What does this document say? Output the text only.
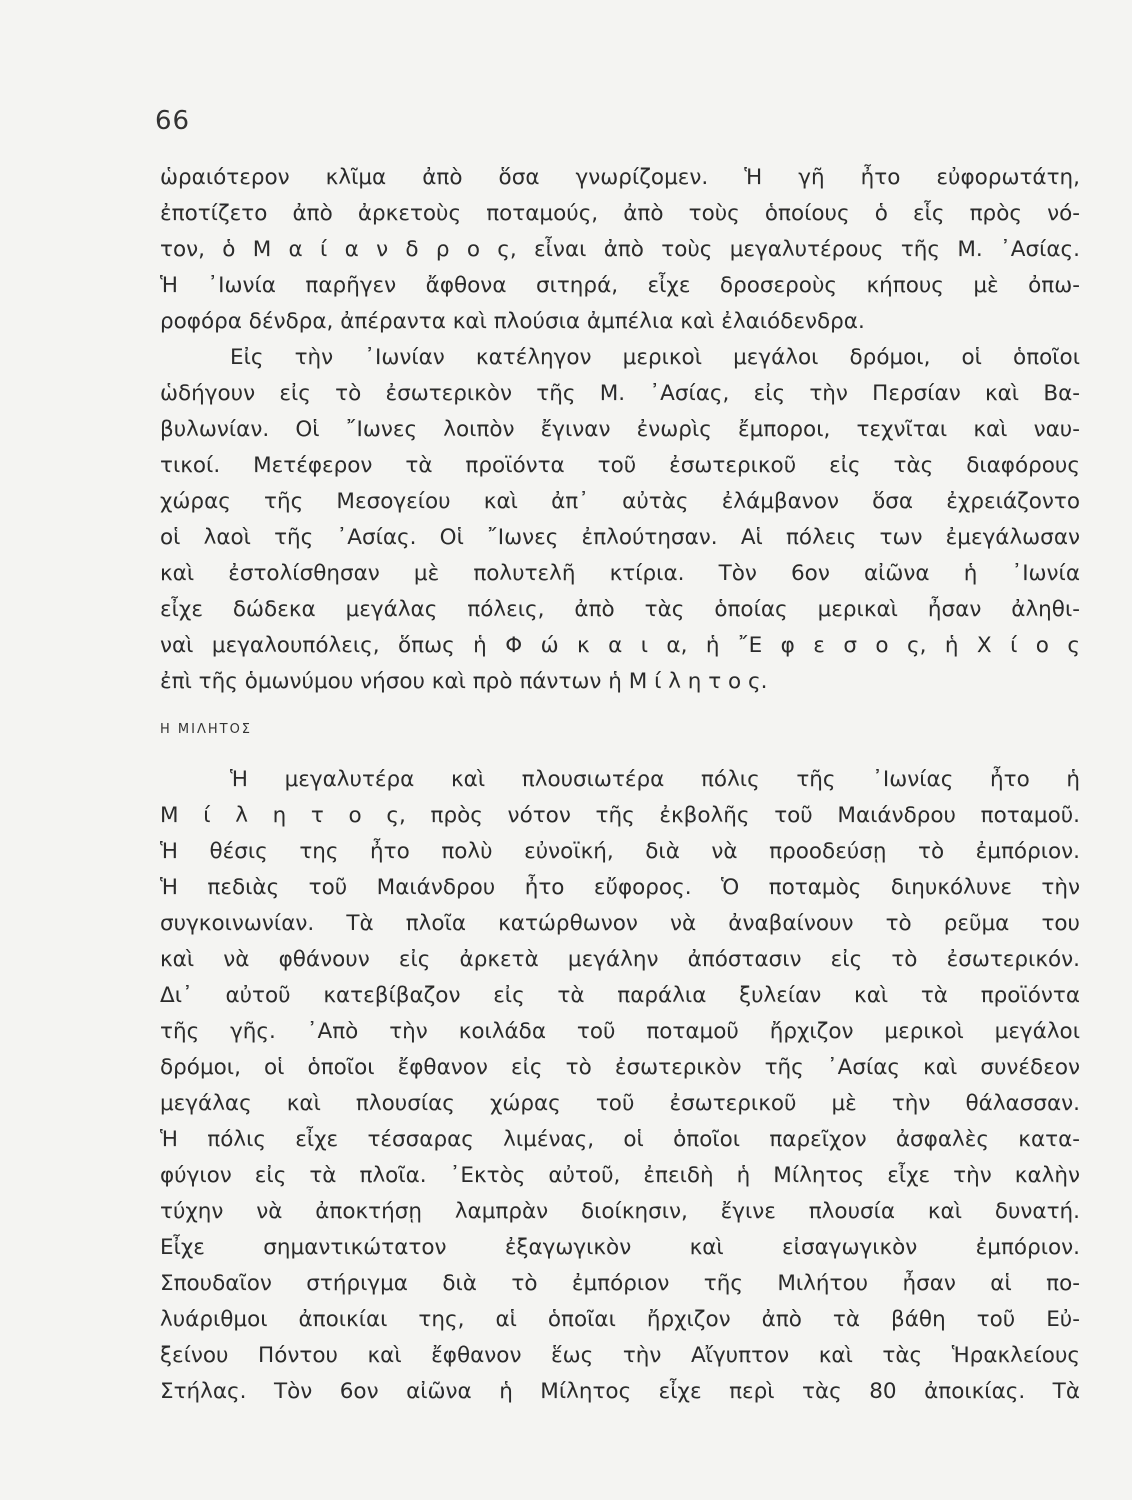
66
ὡραιότερον κλῖμα ἀπὸ ὅσα γνωρίζομεν. Ἡ γῆ ἦτο εὐφορωτάτη,
ἐποτίζετο ἀπὸ ἀρκετοὺς ποταμούς, ἀπὸ τοὺς ὁποίους ὁ εἷς πρὸς νό-
τον, ὁ Μ α ί α ν δ ρ ο ς, εἶναι ἀπὸ τοὺς μεγαλυτέρους τῆς Μ. ᾿Ασίας.
Ἡ ᾿Ιωνία παρῆγεν ἄφθονα σιτηρά, εἶχε δροσεροὺς κήπους μὲ ὀπω-
ροφόρα δένδρα, ἀπέραντα καὶ πλούσια ἀμπέλια καὶ ἐλαιόδενδρα.
Εἰς τὴν ᾿Ιωνίαν κατέληγον μερικοὶ μεγάλοι δρόμοι, οἱ ὁποῖοι
ὡδήγουν εἰς τὸ ἐσωτερικὸν τῆς Μ. ᾿Ασίας, εἰς τὴν Περσίαν καὶ Βα-
βυλωνίαν. Οἱ ῎Ιωνες λοιπὸν ἔγιναν ἐνωρὶς ἔμποροι, τεχνῖται καὶ ναυ-
τικοί. Μετέφερον τὰ προϊόντα τοῦ ἐσωτερικοῦ εἰς τὰς διαφόρους
χώρας τῆς Μεσογείου καὶ ἀπ᾿ αὐτὰς ἐλάμβανον ὅσα ἐχρειάζοντο
οἱ λαοὶ τῆς ᾿Ασίας. Οἱ ῎Ιωνες ἐπλούτησαν. Αἱ πόλεις των ἐμεγάλωσαν
καὶ ἐστολίσθησαν μὲ πολυτελῆ κτίρια. Τὸν 6ον αἰῶνα ἡ ᾿Ιωνία
εἶχε δώδεκα μεγάλας πόλεις, ἀπὸ τὰς ὁποίας μερικαὶ ἦσαν ἀληθι-
ναὶ μεγαλουπόλεις, ὅπως ἡ Φ ώ κ α ι α, ἡ ῎Ε φ ε σ ο ς, ἡ Χ ί ο ς
ἐπὶ τῆς ὁμωνύμου νήσου καὶ πρὸ πάντων ἡ Μ ί λ η τ ο ς.
Η ΜΙΛΗΤΟΣ
Ἡ μεγαλυτέρα καὶ πλουσιωτέρα πόλις τῆς ᾿Ιωνίας ἦτο ἡ
Μ ί λ η τ ο ς, πρὸς νότον τῆς ἐκβολῆς τοῦ Μαιάνδρου ποταμοῦ.
Ἡ θέσις της ἦτο πολὺ εὐνοϊκή, διὰ νὰ προοδεύσῃ τὸ ἐμπόριον.
Ἡ πεδιὰς τοῦ Μαιάνδρου ἦτο εὔφορος. Ὁ ποταμὸς διηυκόλυνε τὴν
συγκοινωνίαν. Τὰ πλοῖα κατώρθωνον νὰ ἀναβαίνουν τὸ ρεῦμα του
καὶ νὰ φθάνουν εἰς ἀρκετὰ μεγάλην ἀπόστασιν εἰς τὸ ἐσωτερικόν.
Δι᾿ αὐτοῦ κατεβίβαζον εἰς τὰ παράλια ξυλείαν καὶ τὰ προϊόντα
τῆς γῆς. ᾿Απὸ τὴν κοιλάδα τοῦ ποταμοῦ ἤρχιζον μερικοὶ μεγάλοι
δρόμοι, οἱ ὁποῖοι ἔφθανον εἰς τὸ ἐσωτερικὸν τῆς ᾿Ασίας καὶ συνέδεον
μεγάλας καὶ πλουσίας χώρας τοῦ ἐσωτερικοῦ μὲ τὴν θάλασσαν.
Ἡ πόλις εἶχε τέσσαρας λιμένας, οἱ ὁποῖοι παρεῖχον ἀσφαλὲς κατα-
φύγιον εἰς τὰ πλοῖα. ᾿Εκτὸς αὐτοῦ, ἐπειδὴ ἡ Μίλητος εἶχε τὴν καλὴν
τύχην νὰ ἀποκτήσῃ λαμπρὰν διοίκησιν, ἔγινε πλουσία καὶ δυνατή.
Εἶχε σημαντικώτατον ἐξαγωγικὸν καὶ εἰσαγωγικὸν ἐμπόριον.
Σπουδαῖον στήριγμα διὰ τὸ ἐμπόριον τῆς Μιλήτου ἦσαν αἱ πο-
λυάριθμοι ἀποικίαι της, αἱ ὁποῖαι ἤρχιζον ἀπὸ τὰ βάθη τοῦ Εὐ-
ξείνου Πόντου καὶ ἔφθανον ἕως τὴν Αἴγυπτον καὶ τὰς Ἡρακλείους
Στήλας. Τὸν 6ον αἰῶνα ἡ Μίλητος εἶχε περὶ τὰς 80 ἀποικίας. Τὰ
